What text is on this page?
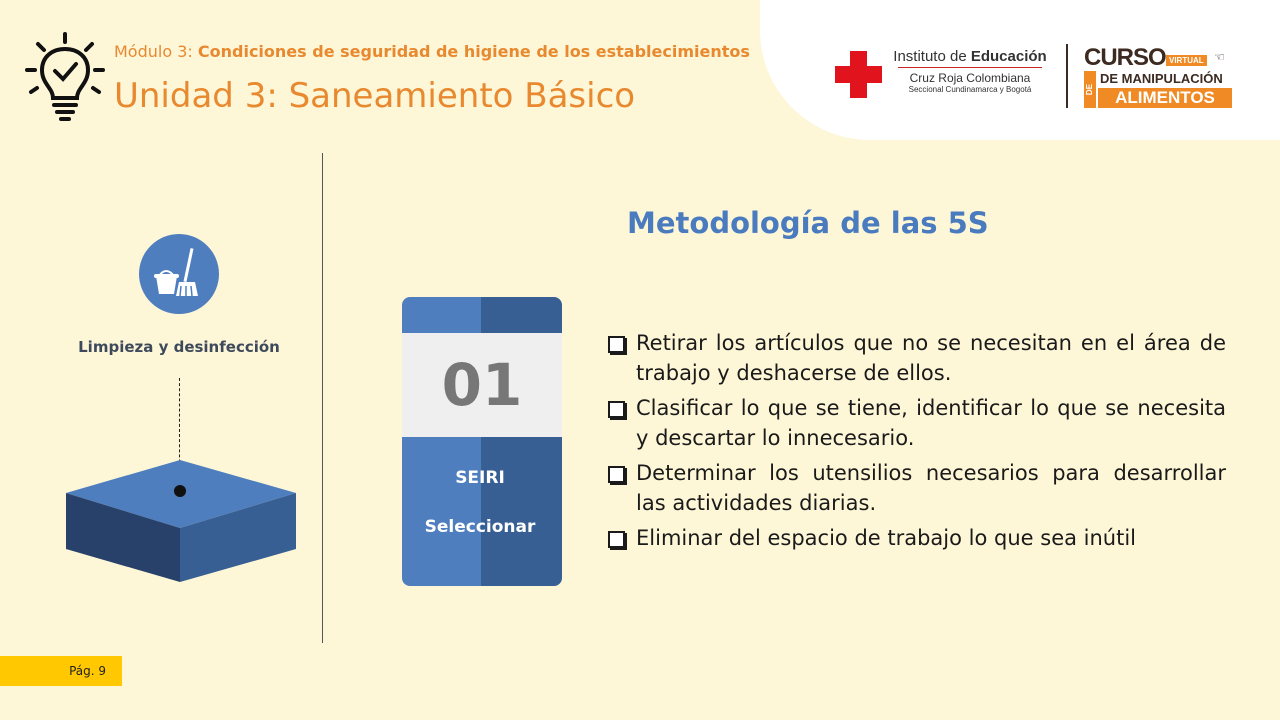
Módulo 3: Condiciones de seguridad de higiene de los establecimientos
Unidad 3: Saneamiento Básico
Instituto de Educación
Cruz Roja Colombiana
Seccional Cundinamarca y Bogotá
CURSO VIRTUAL ☜
DE
DE MANIPULACIÓN
ALIMENTOS
Limpieza y desinfección
01
SEIRI
Seleccionar
Metodología de las 5S
Retirar los artículos que no se necesitan en el área de trabajo y deshacerse de ellos.
Clasificar lo que se tiene, identificar lo que se necesita y descartar lo innecesario.
Determinar los utensilios necesarios para desarrollar las actividades diarias.
Eliminar del espacio de trabajo lo que sea inútil
Pág. 9
